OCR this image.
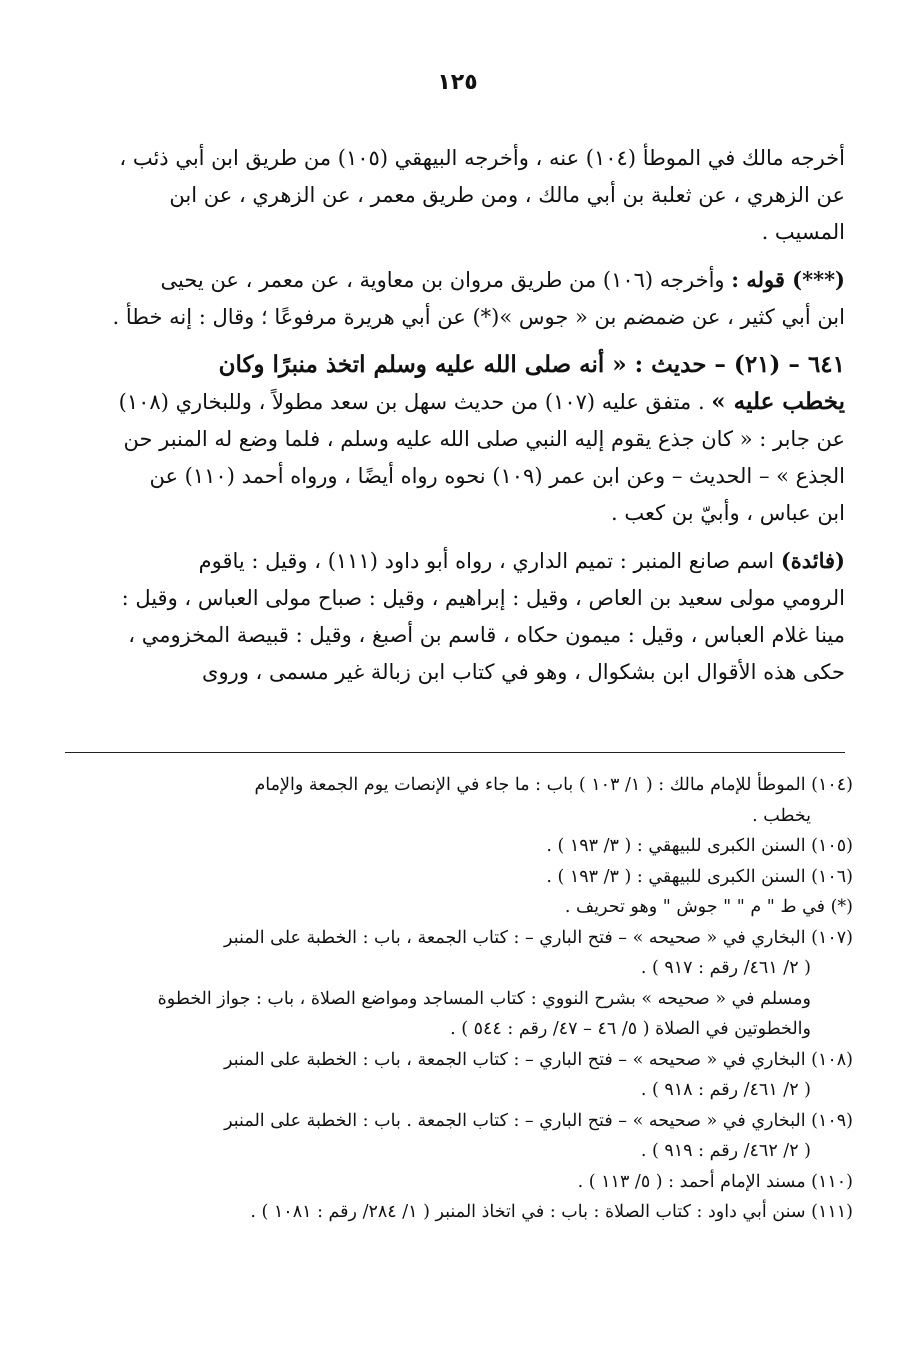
١٢٥
أخرجه مالك في الموطأ (١٠٤) عنه ، وأخرجه البيهقي (١٠٥) من طريق ابن أبي ذئب ،
عن الزهري ، عن ثعلبة بن أبي مالك ، ومن طريق معمر ، عن الزهري ، عن ابن
المسيب .
(***) قوله : وأخرجه (١٠٦) من طريق مروان بن معاوية ، عن معمر ، عن يحيى
ابن أبي كثير ، عن ضمضم بن « جوس »(*) عن أبي هريرة مرفوعًا ؛ وقال : إنه خطأ .
٦٤١ – (٢١) – حديث : « أنه صلى الله عليه وسلم اتخذ منبرًا وكان
يخطب عليه » . متفق عليه (١٠٧) من حديث سهل بن سعد مطولاً ، وللبخاري (١٠٨)
عن جابر : « كان جذع يقوم إليه النبي صلى الله عليه وسلم ، فلما وضع له المنبر حن
الجذع » – الحديث – وعن ابن عمر (١٠٩) نحوه رواه أيضًا ، ورواه أحمد (١١٠) عن
ابن عباس ، وأبيّ بن كعب .
(فائدة) اسم صانع المنبر : تميم الداري ، رواه أبو داود (١١١) ، وقيل : ياقوم
الرومي مولى سعيد بن العاص ، وقيل : إبراهيم ، وقيل : صباح مولى العباس ، وقيل :
مينا غلام العباس ، وقيل : ميمون حكاه ، قاسم بن أصبغ ، وقيل : قبيصة المخزومي ،
حكى هذه الأقوال ابن بشكوال ، وهو في كتاب ابن زبالة غير مسمى ، وروى
(١٠٤) الموطأ للإمام مالك : ( ١/ ١٠٣ ) باب : ما جاء في الإنصات يوم الجمعة والإمام
يخطب .
(١٠٥) السنن الكبرى للبيهقي : ( ٣/ ١٩٣ ) .
(١٠٦) السنن الكبرى للبيهقي : ( ٣/ ١٩٣ ) .
(*) في ط " م " " جوش " وهو تحريف .
(١٠٧) البخاري في « صحيحه » – فتح الباري – : كتاب الجمعة ، باب : الخطبة على المنبر
( ٢/ ٤٦١/ رقم : ٩١٧ ) .
ومسلم في « صحيحه » بشرح النووي : كتاب المساجد ومواضع الصلاة ، باب : جواز الخطوة
والخطوتين في الصلاة ( ٥/ ٤٦ – ٤٧/ رقم : ٥٤٤ ) .
(١٠٨) البخاري في « صحيحه » – فتح الباري – : كتاب الجمعة ، باب : الخطبة على المنبر
( ٢/ ٤٦١/ رقم : ٩١٨ ) .
(١٠٩) البخاري في « صحيحه » – فتح الباري – : كتاب الجمعة . باب : الخطبة على المنبر
( ٢/ ٤٦٢/ رقم : ٩١٩ ) .
(١١٠) مسند الإمام أحمد : ( ٥/ ١١٣ ) .
(١١١) سنن أبي داود : كتاب الصلاة : باب : في اتخاذ المنبر ( ١/ ٢٨٤/ رقم : ١٠٨١ ) .
